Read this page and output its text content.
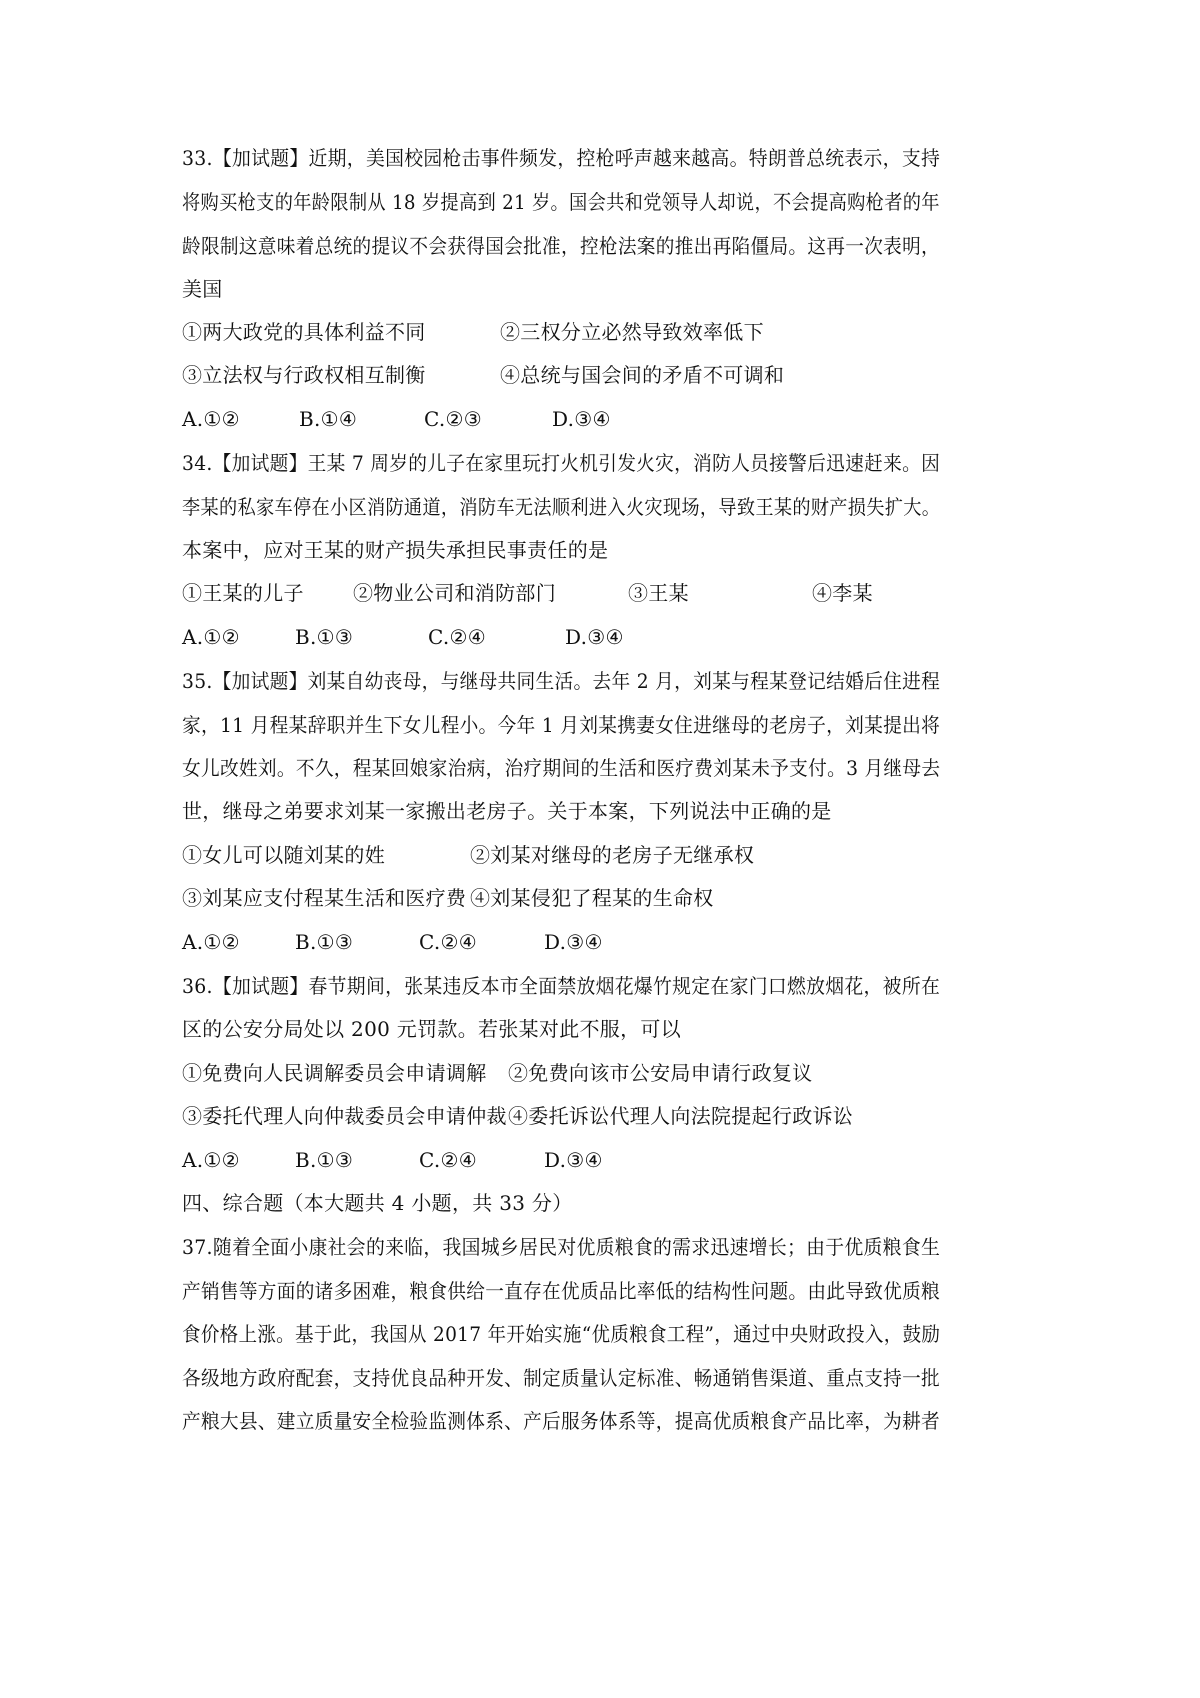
33.【加试题】近期，美国校园枪击事件频发，控枪呼声越来越高。特朗普总统表示，支持
将购买枪支的年龄限制从 18 岁提高到 21 岁。国会共和党领导人却说，不会提高购枪者的年
龄限制这意味着总统的提议不会获得国会批准，控枪法案的推出再陷僵局。这再一次表明，
美国
①两大政党的具体利益不同	②三权分立必然导致效率低下
③立法权与行政权相互制衡	④总统与国会间的矛盾不可调和
A.①②	B.①④	C.②③	D.③④
34.【加试题】王某 7 周岁的儿子在家里玩打火机引发火灾，消防人员接警后迅速赶来。因
李某的私家车停在小区消防通道，消防车无法顺利进入火灾现场，导致王某的财产损失扩大。
本案中，应对王某的财产损失承担民事责任的是
①王某的儿子 ②物业公司和消防部门	③王某	④李某
A.①②	B.①③	C.②④	D.③④
35.【加试题】刘某自幼丧母，与继母共同生活。去年 2 月，刘某与程某登记结婚后住进程
家，11 月程某辞职并生下女儿程小。今年 1 月刘某携妻女住进继母的老房子，刘某提出将
女儿改姓刘。不久，程某回娘家治病，治疗期间的生活和医疗费刘某未予支付。3 月继母去
世，继母之弟要求刘某一家搬出老房子。关于本案，下列说法中正确的是
①女儿可以随刘某的姓	②刘某对继母的老房子无继承权
③刘某应支付程某生活和医疗费 ④刘某侵犯了程某的生命权
A.①②	B.①③	C.②④	D.③④
36.【加试题】春节期间，张某违反本市全面禁放烟花爆竹规定在家门口燃放烟花，被所在
区的公安分局处以 200 元罚款。若张某对此不服，可以
①免费向人民调解委员会申请调解 ②免费向该市公安局申请行政复议
③委托代理人向仲裁委员会申请仲裁 ④委托诉讼代理人向法院提起行政诉讼
A.①②	B.①③	C.②④	D.③④
四、综合题（本大题共 4 小题，共 33 分）
37.随着全面小康社会的来临，我国城乡居民对优质粮食的需求迅速增长；由于优质粮食生
产销售等方面的诸多困难，粮食供给一直存在优质品比率低的结构性问题。由此导致优质粮
食价格上涨。基于此，我国从 2017 年开始实施“优质粮食工程”，通过中央财政投入，鼓励
各级地方政府配套，支持优良品种开发、制定质量认定标准、畅通销售渠道、重点支持一批
产粮大县、建立质量安全检验监测体系、产后服务体系等，提高优质粮食产品比率，为耕者
